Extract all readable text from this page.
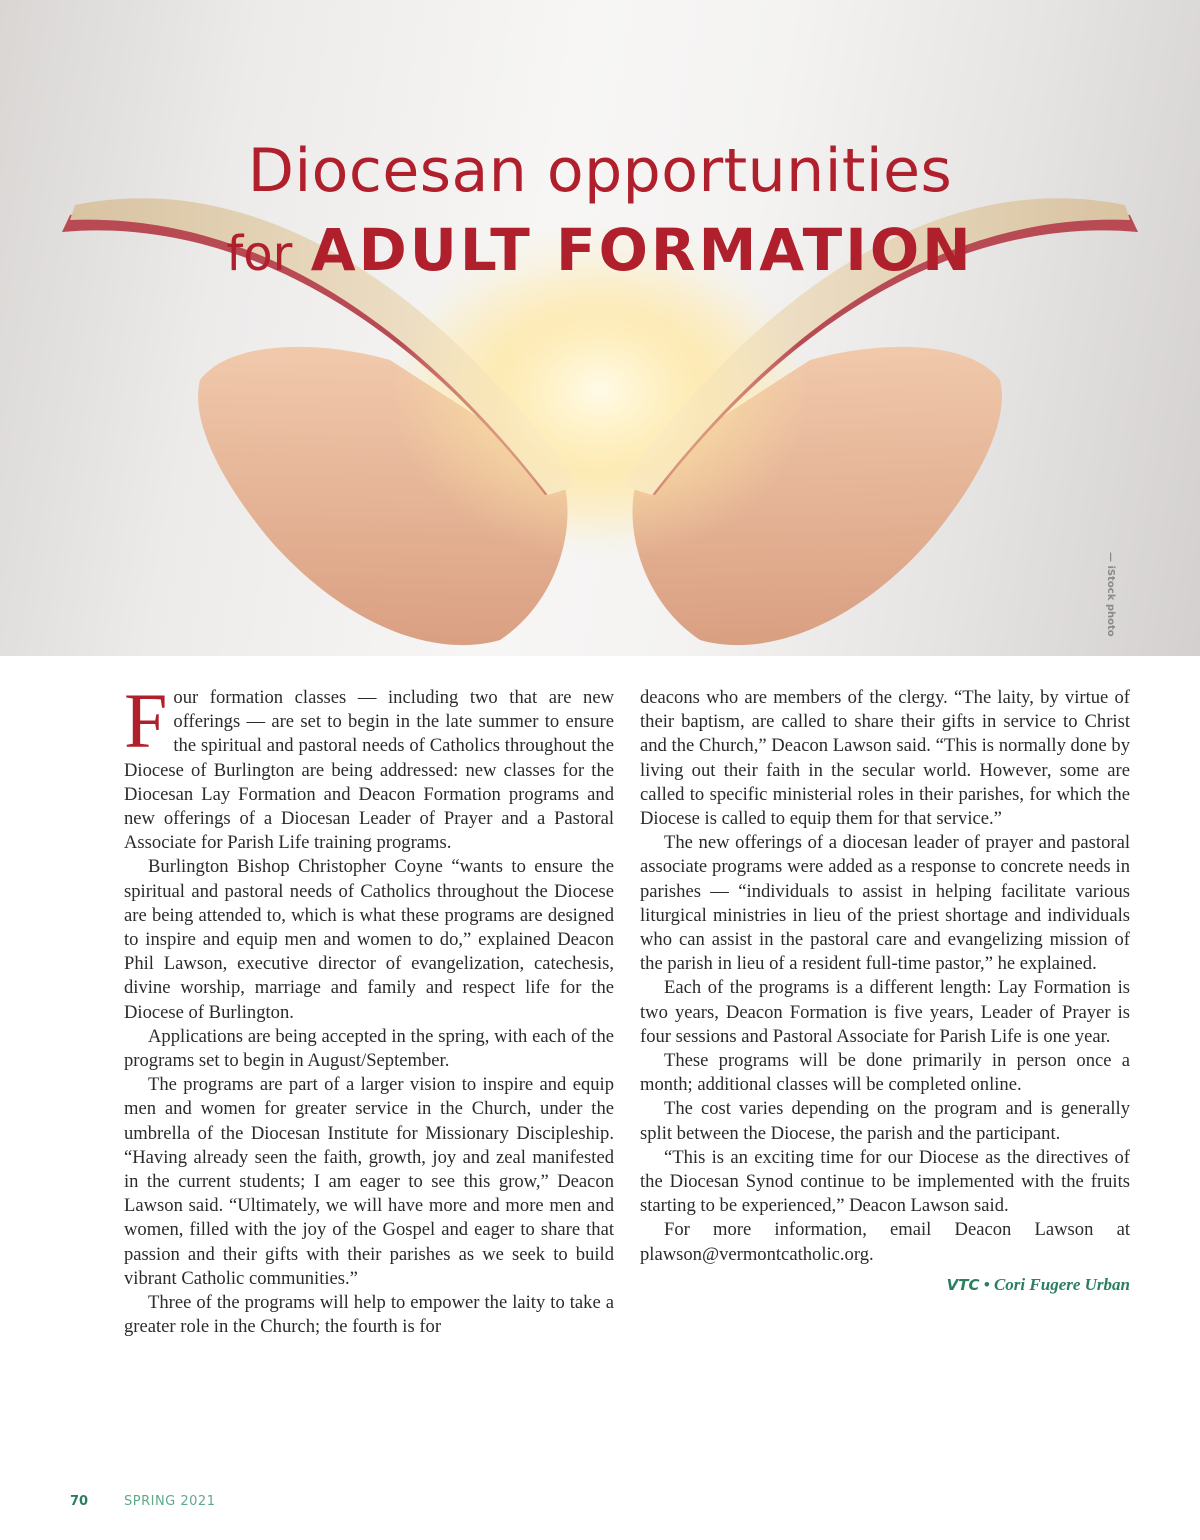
Diocesan opportunities
for ADULT FORMATION
— iStock photo

Four formation classes — including two that are new offerings — are set to begin in the late summer to ensure the spiritual and pastoral needs of Catholics throughout the Diocese of Burlington are being addressed: new classes for the Diocesan Lay Formation and Deacon Formation programs and new offerings of a Diocesan Leader of Prayer and a Pastoral Associate for Parish Life training programs.

Burlington Bishop Christopher Coyne “wants to ensure the spiritual and pastoral needs of Catholics throughout the Diocese are being attended to, which is what these programs are designed to inspire and equip men and women to do,” explained Deacon Phil Lawson, executive director of evangelization, catechesis, divine worship, marriage and family and respect life for the Diocese of Burlington.

Applications are being accepted in the spring, with each of the programs set to begin in August/September.

The programs are part of a larger vision to inspire and equip men and women for greater service in the Church, under the umbrella of the Diocesan Institute for Missionary Discipleship. “Having already seen the faith, growth, joy and zeal manifested in the current students; I am eager to see this grow,” Deacon Lawson said. “Ultimately, we will have more and more men and women, filled with the joy of the Gospel and eager to share that passion and their gifts with their parishes as we seek to build vibrant Catholic communities.”

Three of the programs will help to empower the laity to take a greater role in the Church; the fourth is for

deacons who are members of the clergy. “The laity, by virtue of their baptism, are called to share their gifts in service to Christ and the Church,” Deacon Lawson said. “This is normally done by living out their faith in the secular world. However, some are called to specific ministerial roles in their parishes, for which the Diocese is called to equip them for that service.”

The new offerings of a diocesan leader of prayer and pastoral associate programs were added as a response to concrete needs in parishes — “individuals to assist in helping facilitate various liturgical ministries in lieu of the priest shortage and individuals who can assist in the pastoral care and evangelizing mission of the parish in lieu of a resident full-time pastor,” he explained.

Each of the programs is a different length: Lay Formation is two years, Deacon Formation is five years, Leader of Prayer is four sessions and Pastoral Associate for Parish Life is one year.

These programs will be done primarily in person once a month; additional classes will be completed online.

The cost varies depending on the program and is generally split between the Diocese, the parish and the participant.

“This is an exciting time for our Diocese as the directives of the Diocesan Synod continue to be implemented with the fruits starting to be experienced,” Deacon Lawson said.

For more information, email Deacon Lawson at plawson@vermontcatholic.org.

VTC • Cori Fugere Urban
70	SPRING 2021
